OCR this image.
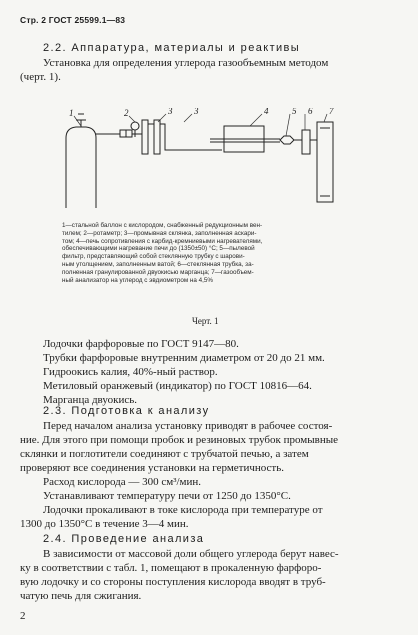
Стр. 2 ГОСТ 25599.1—83
2.2. Аппаратура, материалы и реактивы
Установка для определения углерода газообъемным методом
(черт. 1).
1	2	3 3	4	5 6 7
1—стальной баллон с кислородом, снабженный редукционным вен-
тилем; 2—ротаметр; 3—промывная склянка, заполненная аскари-
том; 4—печь сопротивления с карбид-кремниевыми нагревателями,
обеспечивающими нагревание печи до (1350±50) °С; 5—пылевой
фильтр, представляющий собой стеклянную трубку с шарови-
ным утолщением, заполненным ватой; 6—стеклянная трубка, за-
полненная гранулированной двуокисью марганца; 7—газообъем-
ный анализатор на углерод с эвдиометром на 4,5%
Черт. 1
Лодочки фарфоровые по ГОСТ 9147—80.
Трубки фарфоровые внутренним диаметром от 20 до 21 мм.
Гидроокись калия, 40%-ный раствор.
Метиловый оранжевый (индикатор) по ГОСТ 10816—64.
Марганца двуокись.
2.3. Подготовка к анализу
Перед началом анализа установку приводят в рабочее состоя-
ние. Для этого при помощи пробок и резиновых трубок промывные
склянки и поглотители соединяют с трубчатой печью, а затем
проверяют все соединения установки на герметичность.
Расход кислорода — 300 см³/мин.
Устанавливают температуру печи от 1250 до 1350°С.
Лодочки прокаливают в токе кислорода при температуре от
1300 до 1350°С в течение 3—4 мин.
2.4. Проведение анализа
В зависимости от массовой доли общего углерода берут навес-
ку в соответствии с табл. 1, помещают в прокаленную фарфоро-
вую лодочку и со стороны поступления кислорода вводят в труб-
чатую печь для сжигания.
2
